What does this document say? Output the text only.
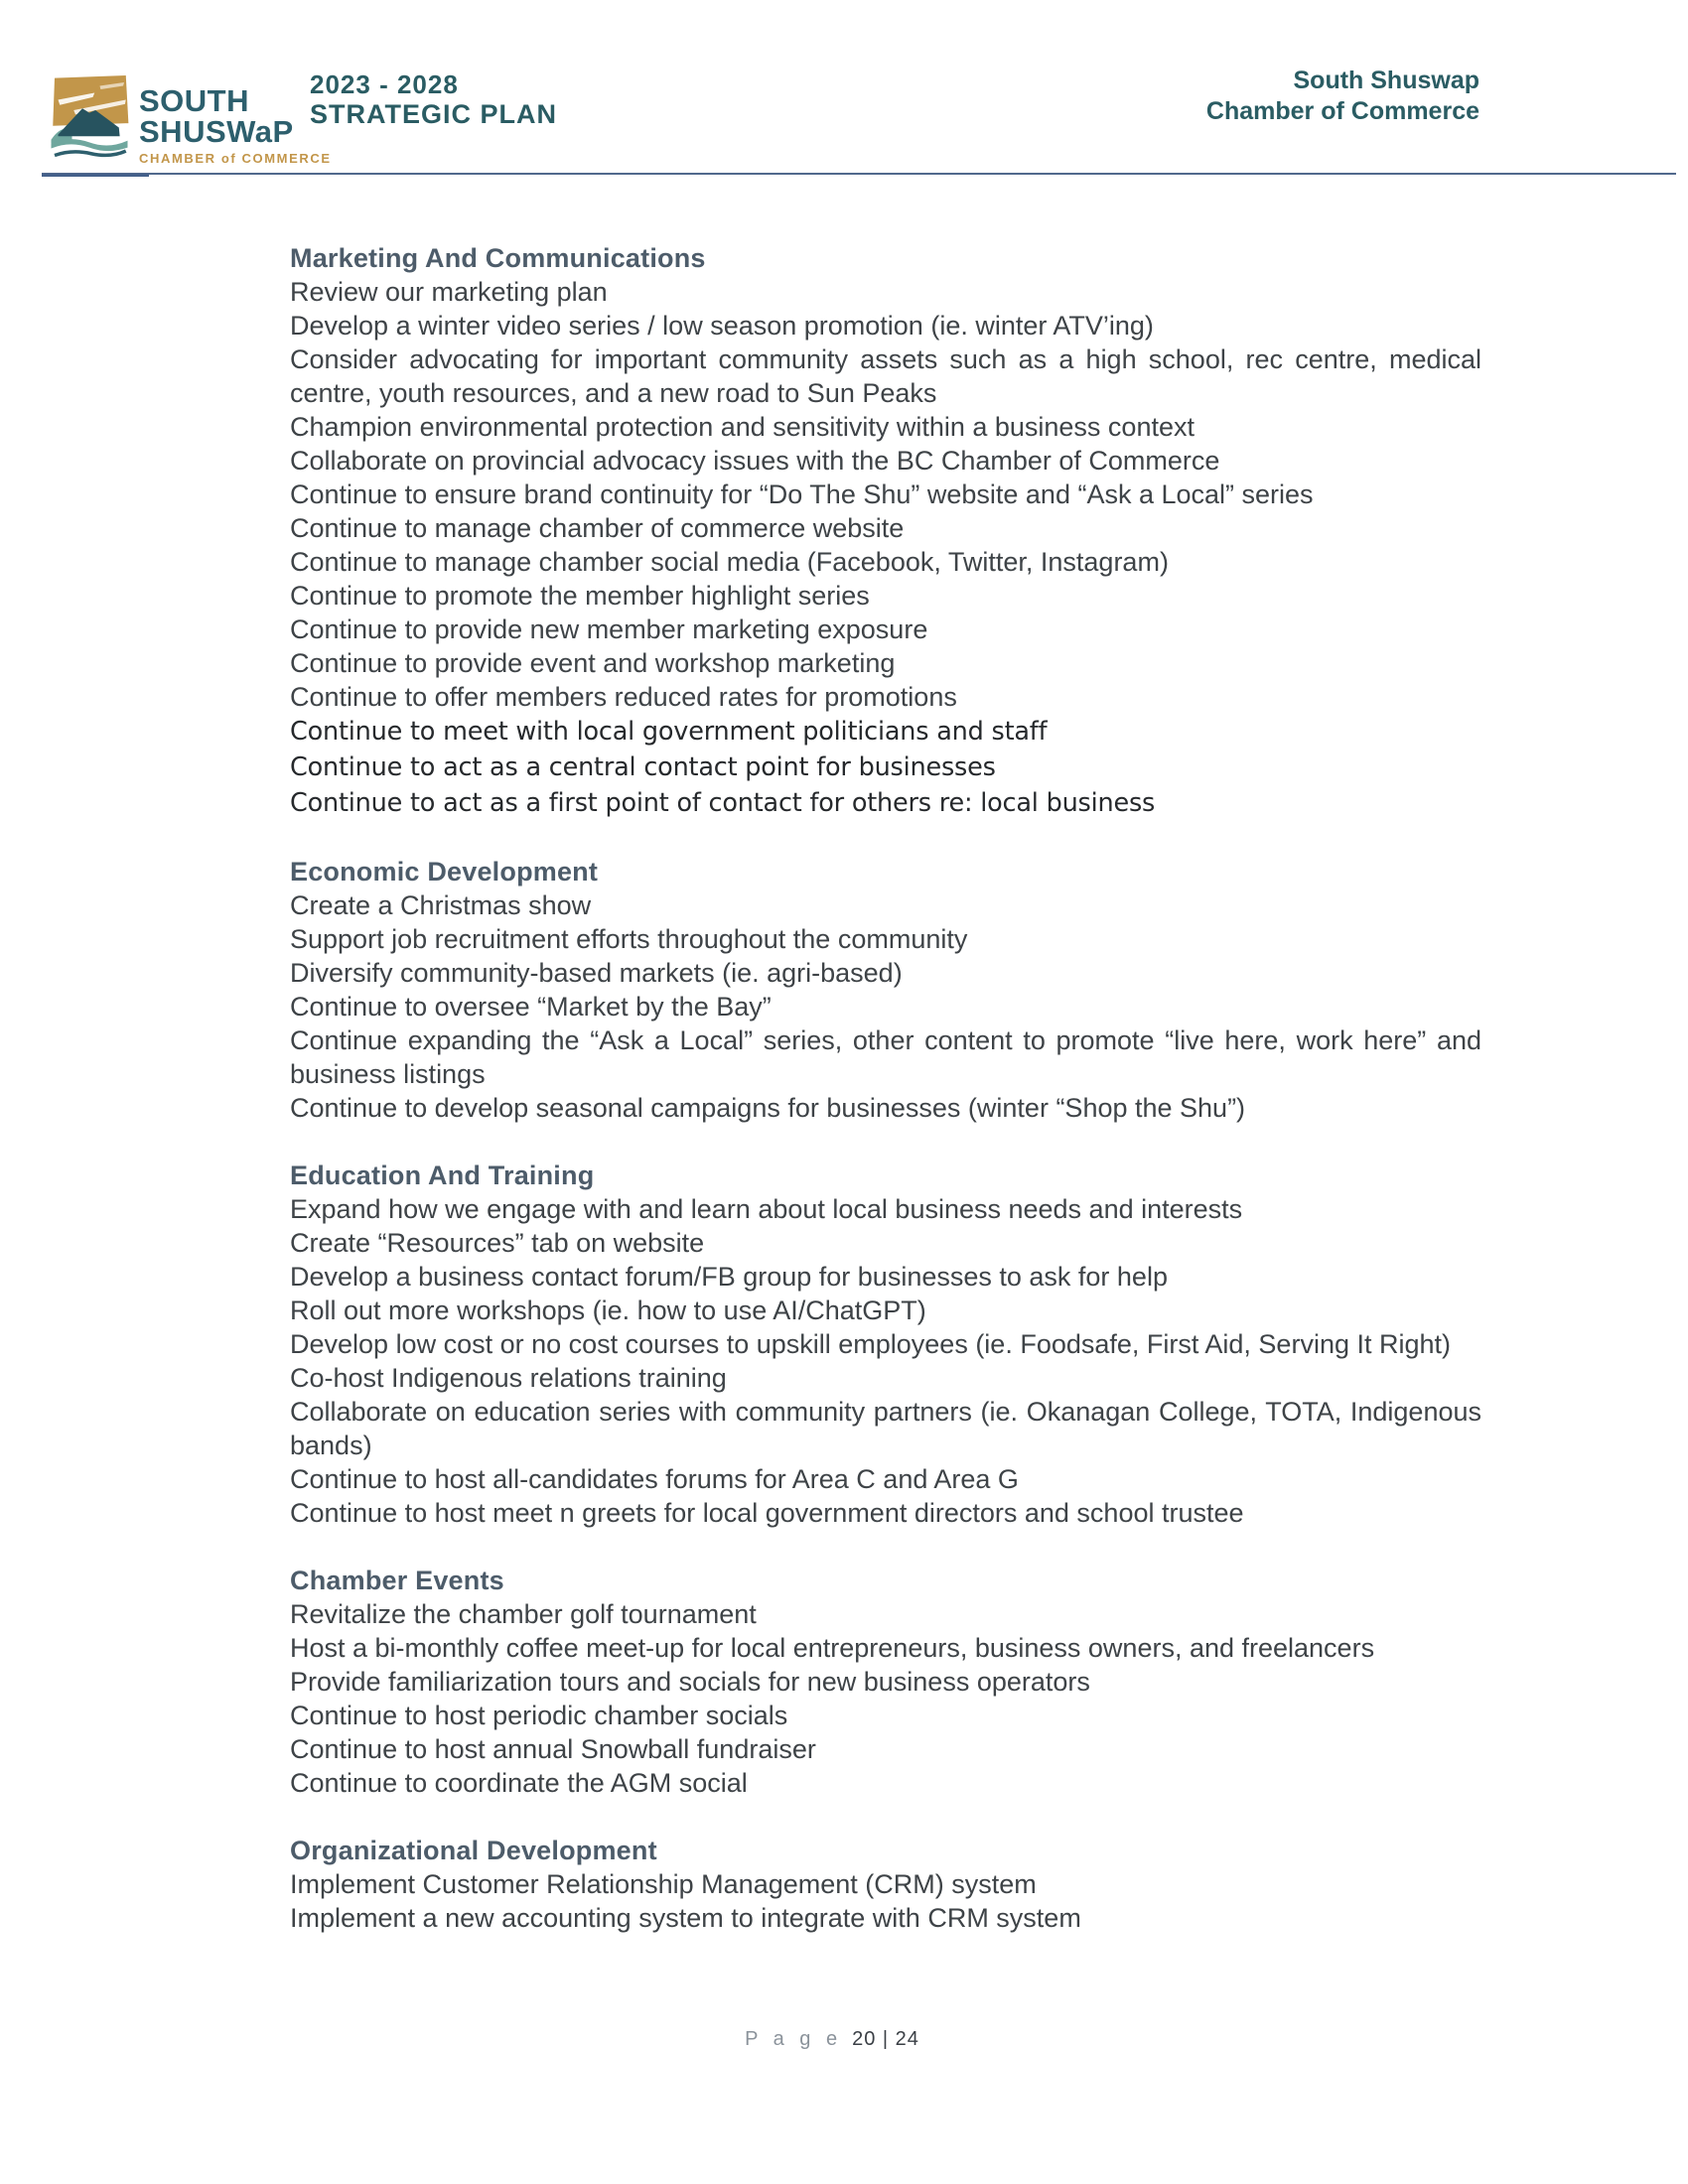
SOUTH
SHUSWaP
CHAMBER of COMMERCE
2023 - 2028
STRATEGIC PLAN
South Shuswap
Chamber of Commerce
Marketing And Communications

Review our marketing plan

Develop a winter video series / low season promotion (ie. winter ATV’ing)

Consider advocating for important community assets such as a high school, rec centre, medical centre, youth resources, and a new road to Sun Peaks

Champion environmental protection and sensitivity within a business context

Collaborate on provincial advocacy issues with the BC Chamber of Commerce

Continue to ensure brand continuity for “Do The Shu” website and “Ask a Local” series

Continue to manage chamber of commerce website

Continue to manage chamber social media (Facebook, Twitter, Instagram)

Continue to promote the member highlight series

Continue to provide new member marketing exposure

Continue to provide event and workshop marketing

Continue to offer members reduced rates for promotions

Continue to meet with local government politicians and staff

Continue to act as a central contact point for businesses

Continue to act as a first point of contact for others re: local business

Economic Development

Create a Christmas show

Support job recruitment efforts throughout the community

Diversify community-based markets (ie. agri-based)

Continue to oversee “Market by the Bay”

Continue expanding the “Ask a Local” series, other content to promote “live here, work here” and business listings

Continue to develop seasonal campaigns for businesses (winter “Shop the Shu”)

Education And Training

Expand how we engage with and learn about local business needs and interests

Create “Resources” tab on website

Develop a business contact forum/FB group for businesses to ask for help

Roll out more workshops (ie. how to use AI/ChatGPT)

Develop low cost or no cost courses to upskill employees (ie. Foodsafe, First Aid, Serving It Right)

Co-host Indigenous relations training

Collaborate on education series with community partners (ie. Okanagan College, TOTA, Indigenous bands)

Continue to host all-candidates forums for Area C and Area G

Continue to host meet n greets for local government directors and school trustee

Chamber Events

Revitalize the chamber golf tournament

Host a bi-monthly coffee meet-up for local entrepreneurs, business owners, and freelancers

Provide familiarization tours and socials for new business operators

Continue to host periodic chamber socials

Continue to host annual Snowball fundraiser

Continue to coordinate the AGM social

Organizational Development

Implement Customer Relationship Management (CRM) system

Implement a new accounting system to integrate with CRM system

P a g e 20 | 24
